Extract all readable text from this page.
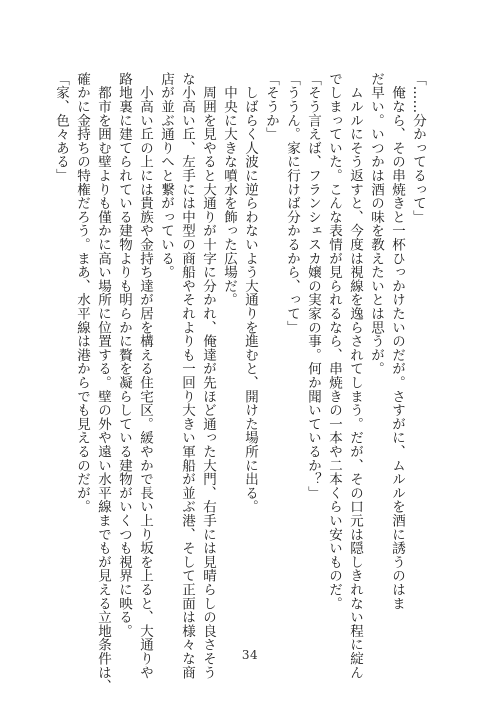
「……分かってるって」
　俺なら、その串焼きと一杯ひっかけたいのだが。さすがに、ムルルを酒に誘うのはま
だ早い。いつかは酒の味を教えたいとは思うが。
　ムルルにそう返すと、今度は視線を逸らされてしまう。だが、その口元は隠しきれない程に綻ん
でしまっていた。こんな表情が見られるなら、串焼きの一本や二本くらい安いものだ。
「そう言えば、フランシェスカ嬢の実家の事。何か聞いているか？」
「ううん。家に行けば分かるから、って」
「そうか」
　しばらく人波に逆らわないよう大通りを進むと、開けた場所に出る。
　中央に大きな噴水を飾った広場だ。
　周囲を見やると大通りが十字に分かれ、俺達が先ほど通った大門、右手には見晴らしの良さそう
な小高い丘、左手には中型の商船やそれよりも一回り大きい軍船が並ぶ港、そして正面は様々な商
店が並ぶ通りへと繋がっている。
　小高い丘の上には貴族や金持ち達が居を構える住宅区。緩やかで長い上り坂を上ると、大通りや
路地裏に建てられている建物よりも明らかに贅を凝らしている建物がいくつも視界に映る。
　都市を囲む壁よりも僅かに高い場所に位置する。壁の外や遠い水平線までもが見える立地条件は、
確かに金持ちの特権だろう。まあ、水平線は港からでも見えるのだが。
「家、色々ある」
34
